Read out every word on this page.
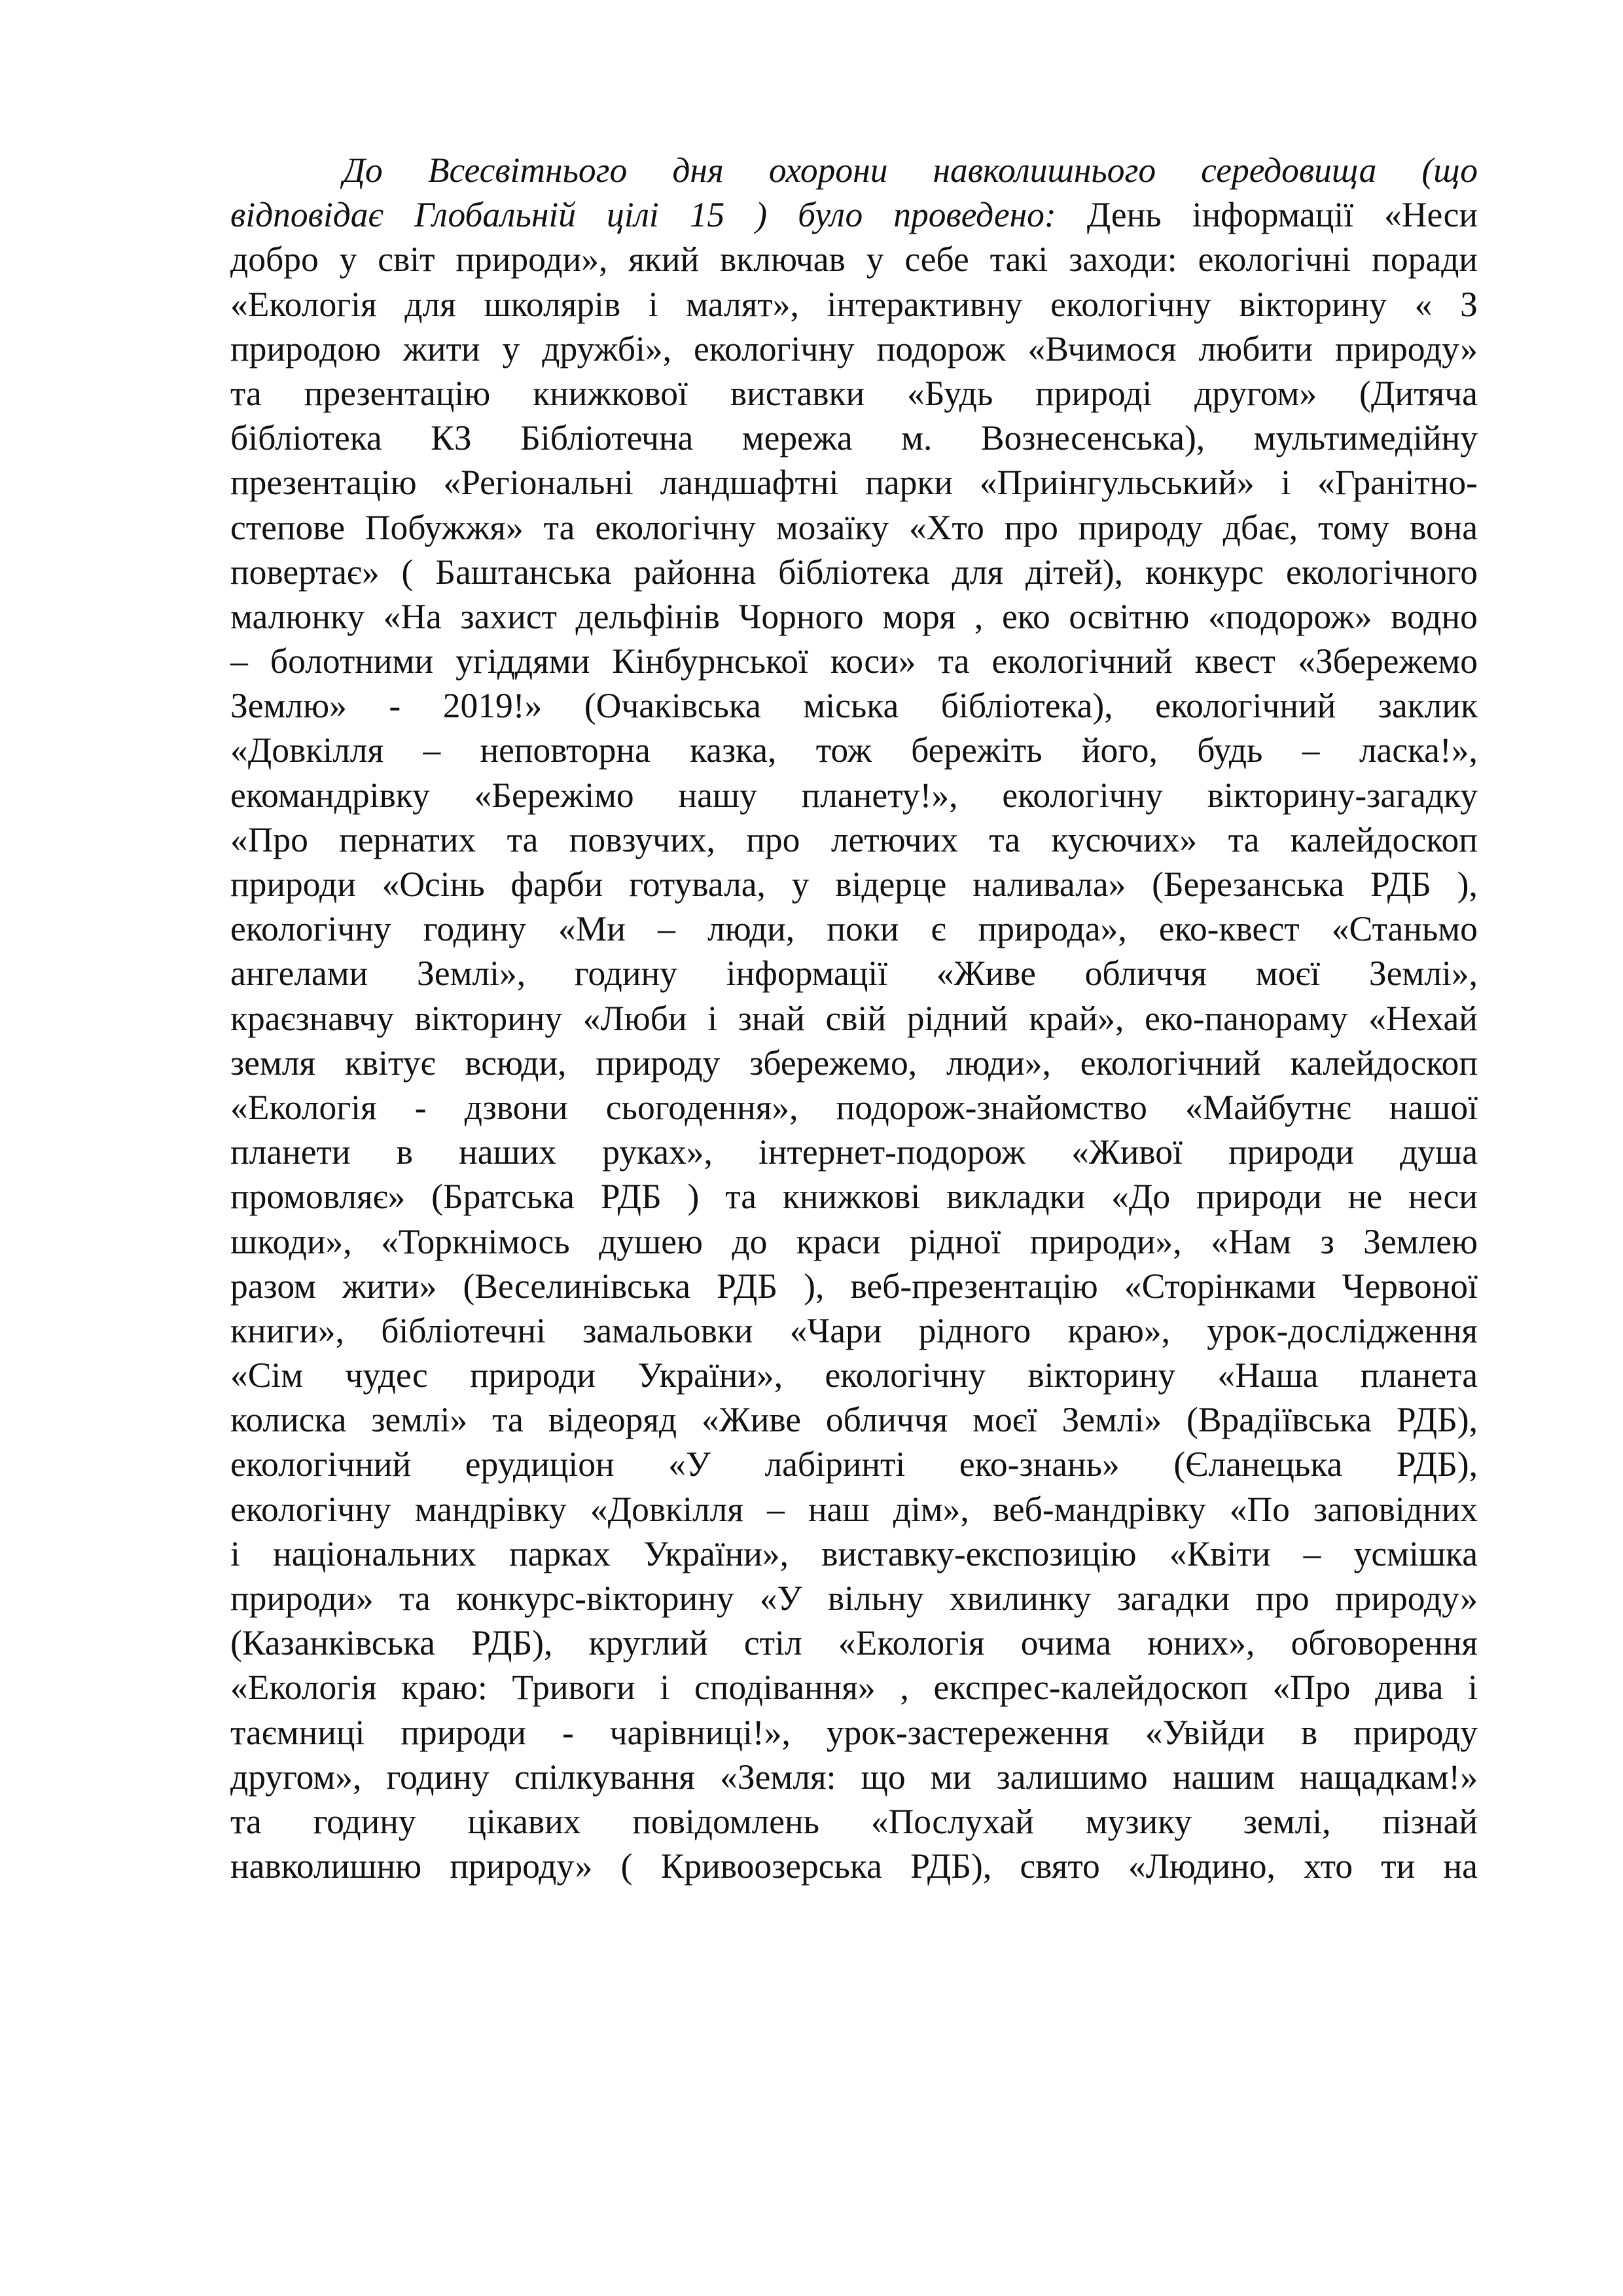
До Всесвітнього дня охорони навколишнього середовища (що
відповідає Глобальній цілі 15 ) було проведено: День інформації «Неси
добро у світ природи», який включав у себе такі заходи: екологічні поради
«Екологія для школярів і малят», інтерактивну екологічну вікторину « З
природою жити у дружбі», екологічну подорож «Вчимося любити природу»
та презентацію книжкової виставки «Будь природі другом» (Дитяча
бібліотека КЗ Бібліотечна мережа м. Вознесенська), мультимедійну
презентацію «Регіональні ландшафтні парки «Приінгульський» і «Гранітно-
степове Побужжя» та екологічну мозаїку «Хто про природу дбає, тому вона
повертає» ( Баштанська районна бібліотека для дітей), конкурс екологічного
малюнку «На захист дельфінів Чорного моря , еко освітню «подорож» водно
– болотними угіддями Кінбурнської коси» та екологічний квест «Збережемо
Землю» - 2019!» (Очаківська міська бібліотека), екологічний заклик
«Довкілля – неповторна казка, тож бережіть його, будь – ласка!»,
екомандрівку «Бережімо нашу планету!», екологічну вікторину-загадку
«Про пернатих та повзучих, про летючих та кусючих» та калейдоскоп
природи «Осінь фарби готувала, у відерце наливала» (Березанська РДБ ),
екологічну годину «Ми – люди, поки є природа», еко-квест «Станьмо
ангелами Землі», годину інформації «Живе обличчя моєї Землі»,
краєзнавчу вікторину «Люби і знай свій рідний край», еко-панораму «Нехай
земля квітує всюди, природу збережемо, люди», екологічний калейдоскоп
«Екологія - дзвони сьогодення», подорож-знайомство «Майбутнє нашої
планети в наших руках», інтернет-подорож «Живої природи душа
промовляє» (Братська РДБ ) та книжкові викладки «До природи не неси
шкоди», «Торкнімось душею до краси рідної природи», «Нам з Землею
разом жити» (Веселинівська РДБ ), веб-презентацію «Сторінками Червоної
книги», бібліотечні замальовки «Чари рідного краю», урок-дослідження
«Сім чудес природи України», екологічну вікторину «Наша планета
колиска землі» та відеоряд «Живе обличчя моєї Землі» (Врадіївська РДБ),
екологічний ерудиціон «У лабіринті еко-знань» (Єланецька РДБ),
екологічну мандрівку «Довкілля – наш дім», веб-мандрівку «По заповідних
і національних парках України», виставку-експозицію «Квіти – усмішка
природи» та конкурс-вікторину «У вільну хвилинку загадки про природу»
(Казанківська РДБ), круглий стіл «Екологія очима юних», обговорення
«Екологія краю: Тривоги і сподівання» , експрес-калейдоскоп «Про дива і
таємниці природи - чарівниці!», урок-застереження «Увійди в природу
другом», годину спілкування «Земля: що ми залишимо нашим нащадкам!»
та годину цікавих повідомлень «Послухай музику землі, пізнай
навколишню природу» ( Кривоозерська РДБ), свято «Людино, хто ти на
